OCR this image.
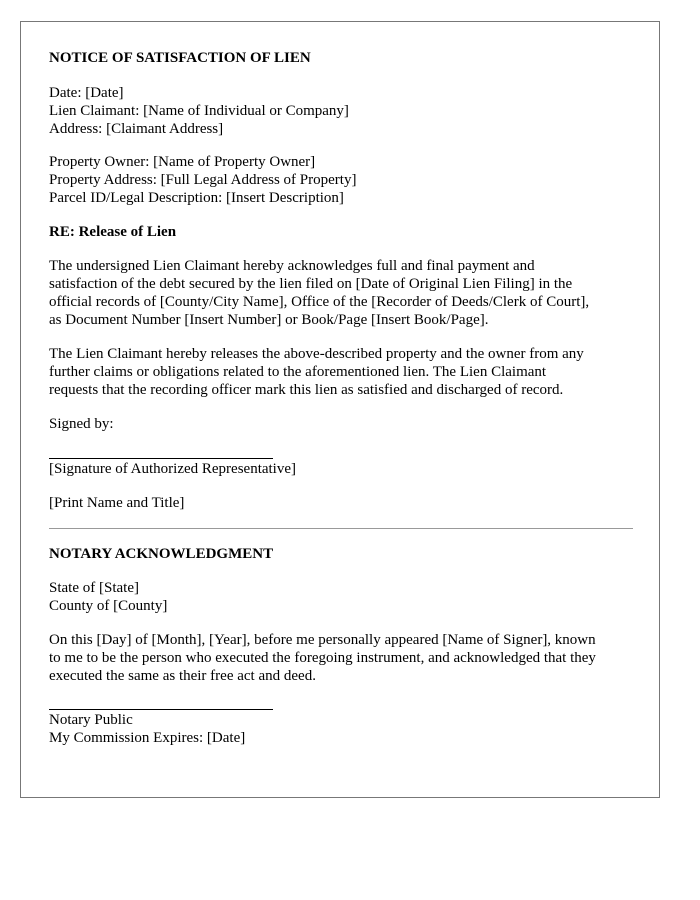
NOTICE OF SATISFACTION OF LIEN

Date: [Date]

Lien Claimant: [Name of Individual or Company]

Address: [Claimant Address]

Property Owner: [Name of Property Owner]

Property Address: [Full Legal Address of Property]

Parcel ID/Legal Description: [Insert Description]

RE: Release of Lien

The undersigned Lien Claimant hereby acknowledges full and final payment and

satisfaction of the debt secured by the lien filed on [Date of Original Lien Filing] in the

official records of [County/City Name], Office of the [Recorder of Deeds/Clerk of Court],

as Document Number [Insert Number] or Book/Page [Insert Book/Page].

The Lien Claimant hereby releases the above-described property and the owner from any

further claims or obligations related to the aforementioned lien. The Lien Claimant

requests that the recording officer mark this lien as satisfied and discharged of record.

Signed by:

[Signature of Authorized Representative]

[Print Name and Title]

NOTARY ACKNOWLEDGMENT

State of [State]

County of [County]

On this [Day] of [Month], [Year], before me personally appeared [Name of Signer], known

to me to be the person who executed the foregoing instrument, and acknowledged that they

executed the same as their free act and deed.

Notary Public

My Commission Expires: [Date]
